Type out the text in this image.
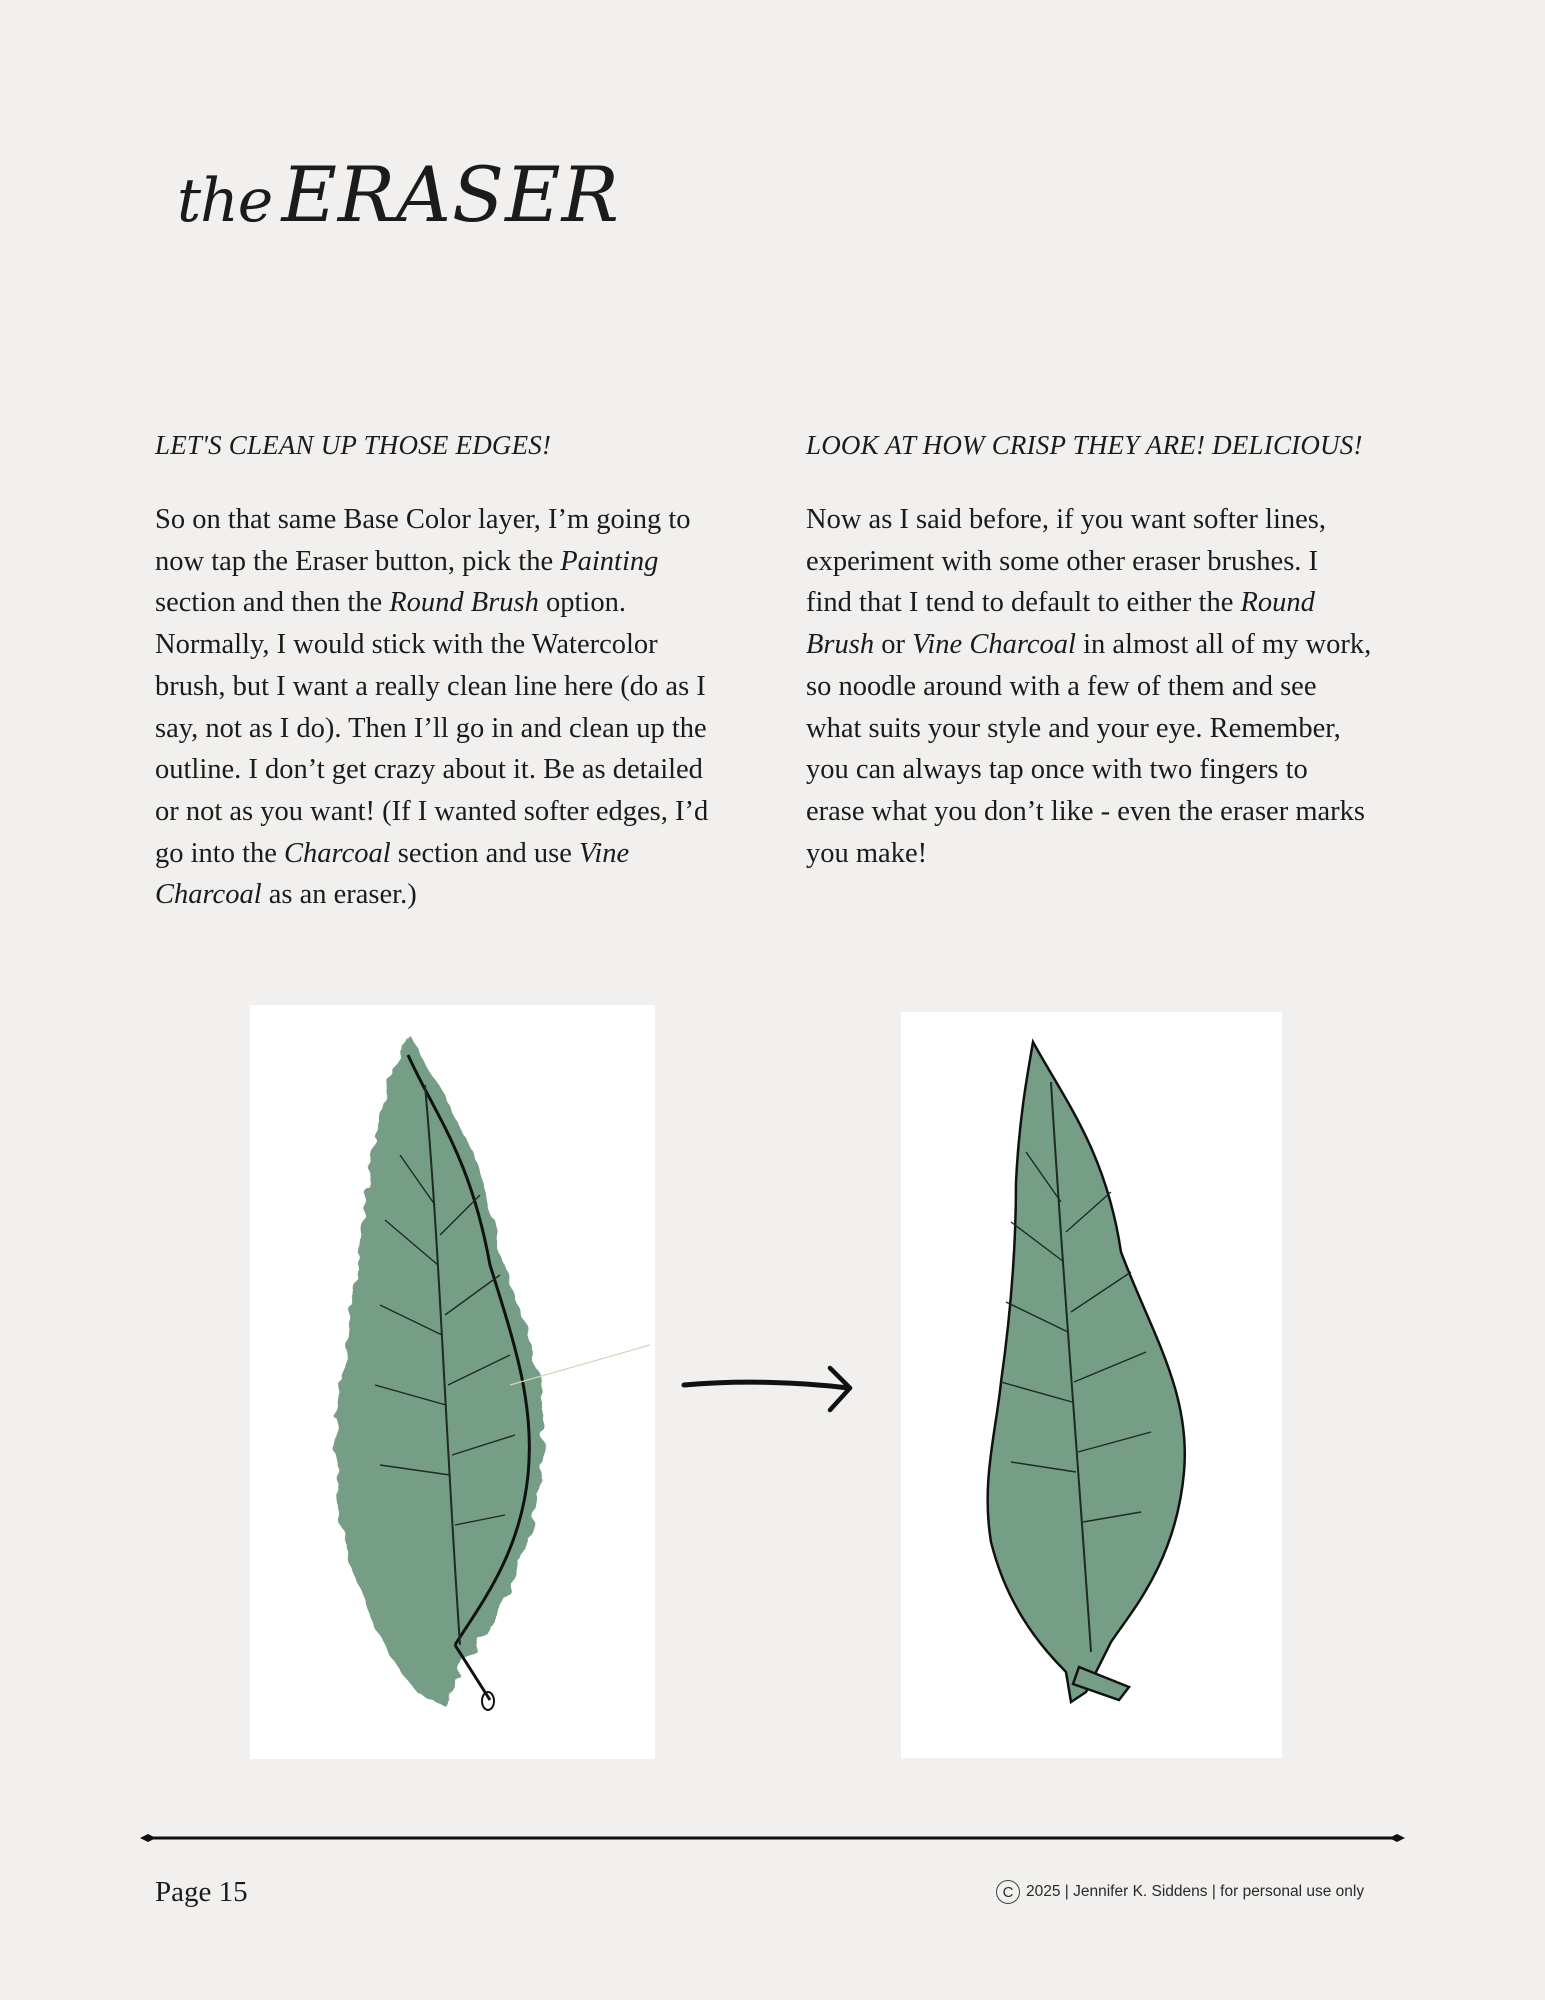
the ERASER

LET'S CLEAN UP THOSE EDGES!

So on that same Base Color layer, I’m going to
now tap the Eraser button, pick the Painting
section and then the Round Brush option.
Normally, I would stick with the Watercolor
brush, but I want a really clean line here (do as I
say, not as I do). Then I’ll go in and clean up the
outline. I don’t get crazy about it. Be as detailed
or not as you want! (If I wanted softer edges, I’d
go into the Charcoal section and use Vine
Charcoal as an eraser.)

LOOK AT HOW CRISP THEY ARE! DELICIOUS!

Now as I said before, if you want softer lines,
experiment with some other eraser brushes. I
find that I tend to default to either the Round
Brush or Vine Charcoal in almost all of my work,
so noodle around with a few of them and see
what suits your style and your eye. Remember,
you can always tap once with two fingers to
erase what you don’t like - even the eraser marks
you make!
Page 15	C 2025 | Jennifer K. Siddens | for personal use only
